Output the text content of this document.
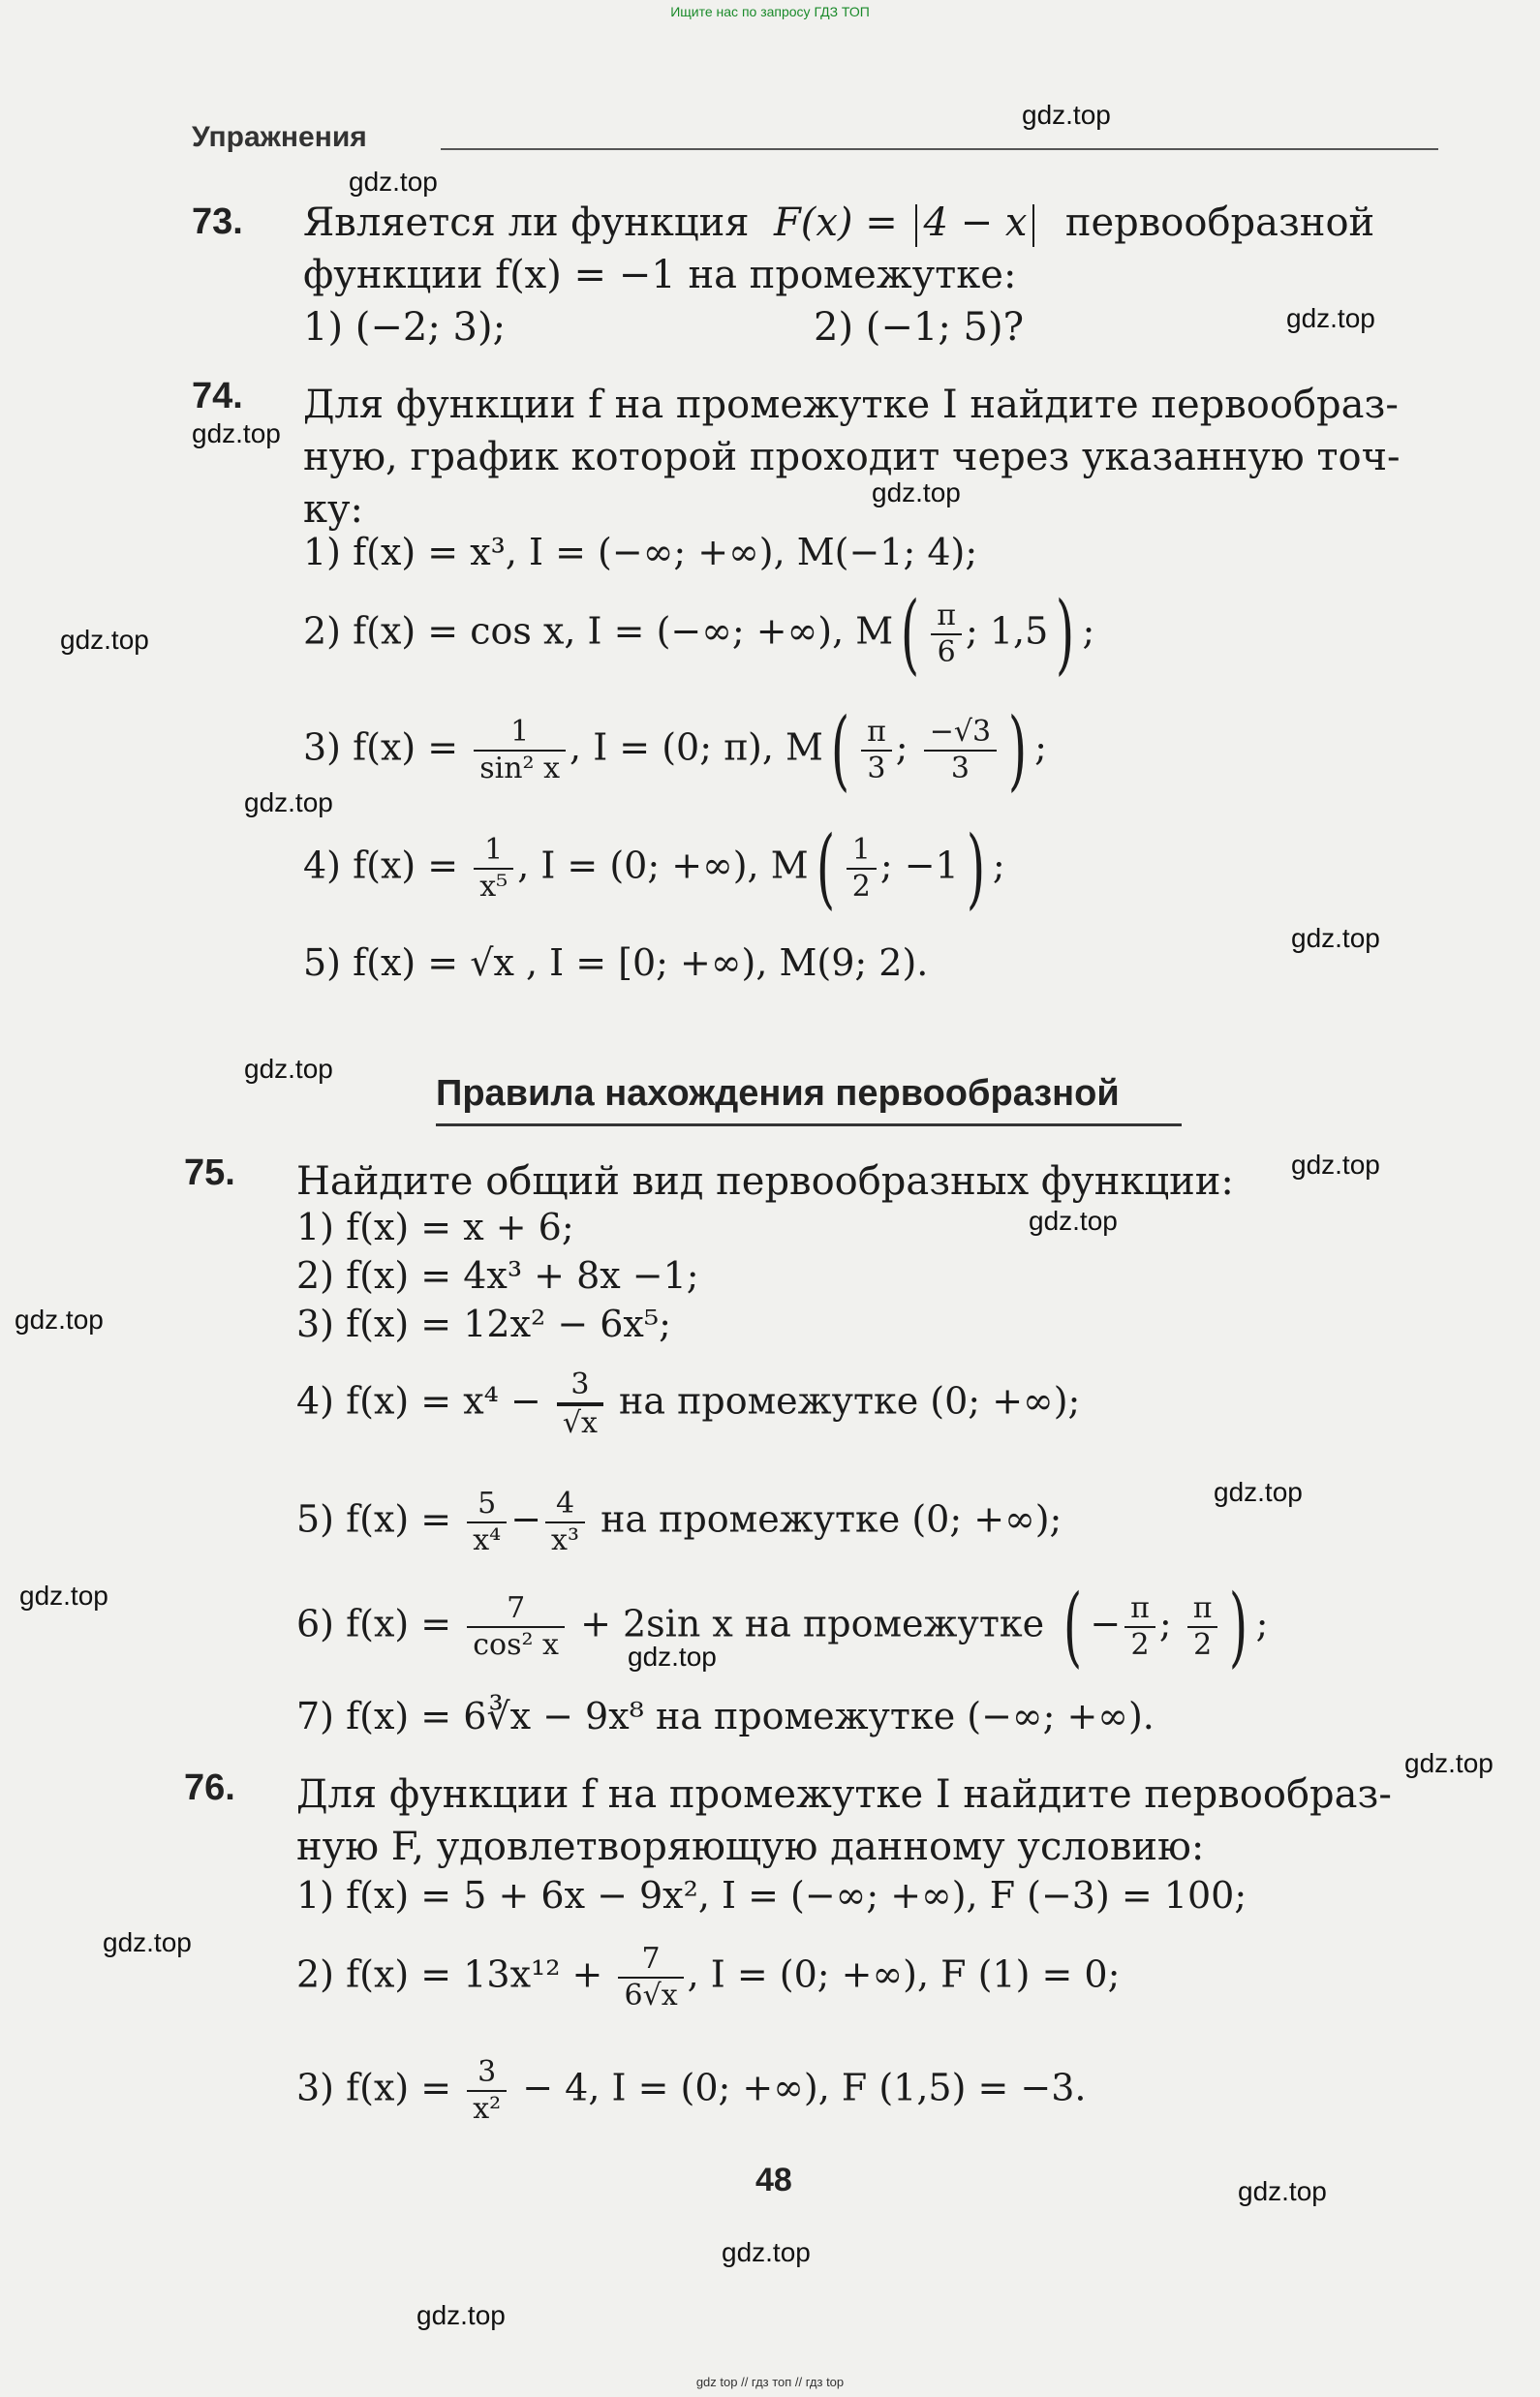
Ищите нас по запросу ГДЗ ТОП
Упражнения
gdz.top
gdz.top
gdz.top
gdz.top
gdz.top
gdz.top
gdz.top
gdz.top
gdz.top
gdz.top
gdz.top
gdz.top
gdz.top
gdz.top
gdz.top
gdz.top
gdz.top
gdz.top
gdz.top
gdz.top
73. Является ли функция F(x) = 4 − x первообразной
функции f(x) = −1 на промежутке:
1) (−2; 3);	2) (−1; 5)?
74. Для функции f на промежутке I найдите первообраз-
ную, график которой проходит через указанную точ-
ку:
1) f(x) = x³, I = (−∞; +∞), M(−1; 4);
2) f(x) = cos x, I = (−∞; +∞), $M( \frac{\pi}{6}$ ; 1,5) ;
3) $f(x) = \frac{1}{\text{sin² x}}$ , I = (0; π), $M( \frac{\pi}{3}$ ; $\frac{-√3}{3}$ ) ;
4) $f(x) = \frac{1}{\text{x⁵}}$ , I = (0; +∞), $M( \frac{1}{2}$ ; −1) ;
5) f(x) = √x , I = [0; +∞), M(9; 2).
Правила нахождения первообразной
75. Найдите общий вид первообразных функции:
1) f(x) = x + 6;
2) f(x) = 4x³ + 8x −1;
3) f(x) = 12x² − 6x⁵;
4) $f(x) = x^4 - \frac{3}{√x}$ на промежутке (0; +∞);
5) $f(x) = \frac{5}{\text{x⁴}} - \frac{4}{\text{x³}}$ на промежутке (0; +∞);
6) $f(x) = \frac{7}{\text{cos² x}} + 2\sin$ x на промежутке ( − $\frac{\pi}{2}$ ; $\frac{\pi}{2}$ ) ;
7) f(x) = 6∛x − 9x⁸ на промежутке (−∞; +∞).
76. Для функции f на промежутке I найдите первообраз-
ную F, удовлетворяющую данному условию:
1) f(x) = 5 + 6x − 9x², I = (−∞; +∞), F (−3) = 100;
2) $f(x) = 13x^{12} + \frac{7}{6√x}$ , I = (0; +∞), F (1) = 0;
3) $f(x) = \frac{3}{\text{x²}} - 4$, I = (0; +∞), F (1,5) = −3.
48
gdz top // гдз топ // гдз top
